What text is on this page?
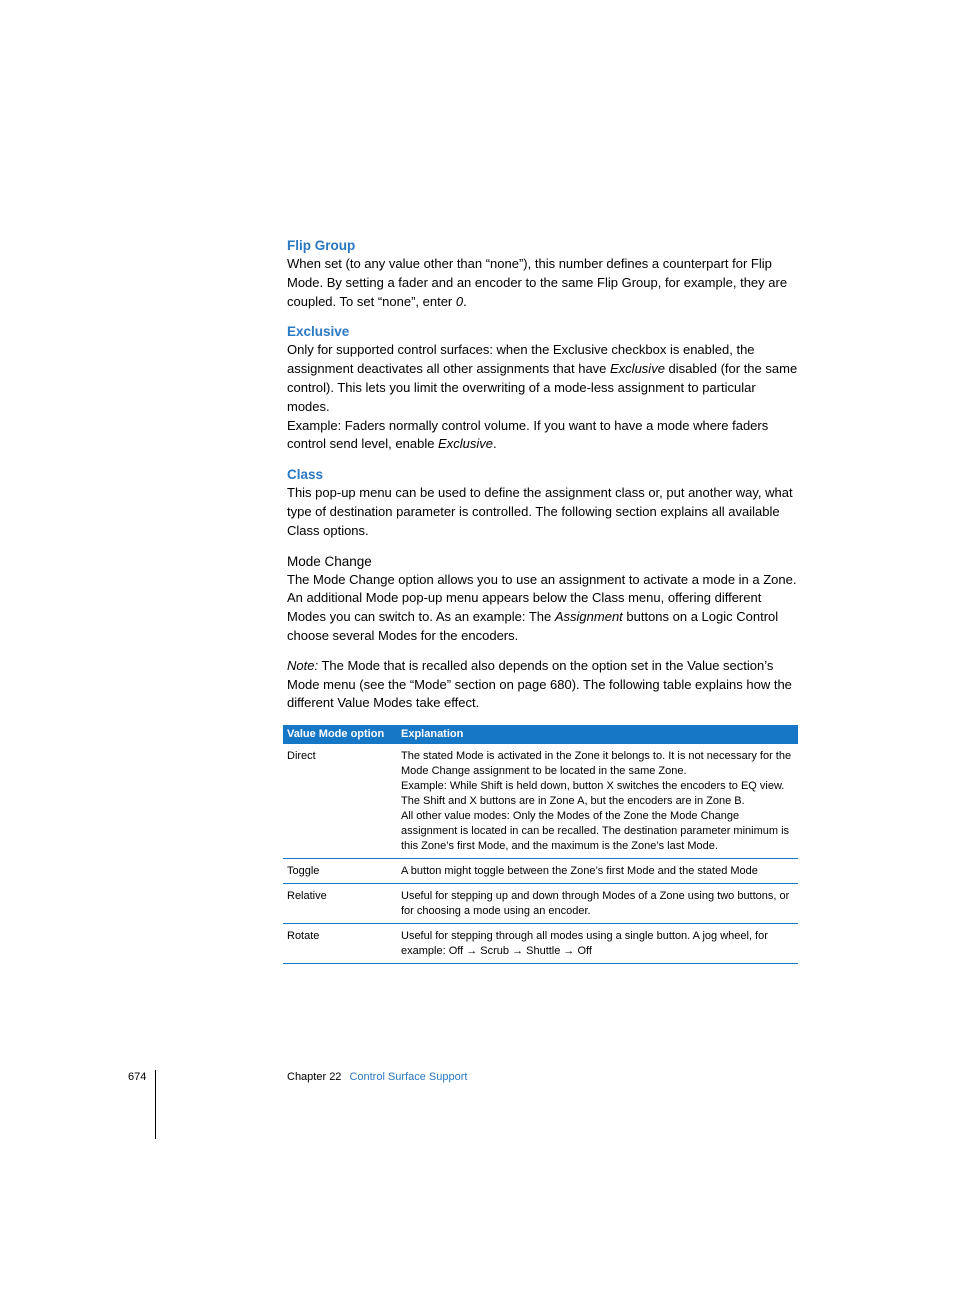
Flip Group

When set (to any value other than “none”), this number defines a counterpart for Flip Mode. By setting a fader and an encoder to the same Flip Group, for example, they are coupled. To set “none”, enter 0.

Exclusive

Only for supported control surfaces: when the Exclusive checkbox is enabled, the assignment deactivates all other assignments that have Exclusive disabled (for the same control). This lets you limit the overwriting of a mode-less assignment to particular modes.

Example: Faders normally control volume. If you want to have a mode where faders control send level, enable Exclusive.

Class

This pop-up menu can be used to define the assignment class or, put another way, what type of destination parameter is controlled. The following section explains all available Class options.

Mode Change

The Mode Change option allows you to use an assignment to activate a mode in a Zone. An additional Mode pop-up menu appears below the Class menu, offering different Modes you can switch to. As an example: The Assignment buttons on a Logic Control choose several Modes for the encoders.

Note: The Mode that is recalled also depends on the option set in the Value section’s Mode menu (see the “Mode” section on page 680). The following table explains how the different Value Modes take effect.

Value Mode option	Explanation
Direct	The stated Mode is activated in the Zone it belongs to. It is not necessary for the Mode Change assignment to be located in the same Zone.
Example: While Shift is held down, button X switches the encoders to EQ view. The Shift and X buttons are in Zone A, but the encoders are in Zone B.
All other value modes: Only the Modes of the Zone the Mode Change assignment is located in can be recalled. The destination parameter minimum is this Zone’s first Mode, and the maximum is the Zone’s last Mode.

Toggle	A button might toggle between the Zone’s first Mode and the stated Mode

Relative	Useful for stepping up and down through Modes of a Zone using two buttons, or for choosing a mode using an encoder.

Rotate	Useful for stepping through all modes using a single button. A jog wheel, for example: Off → Scrub → Shuttle → Off
674	Chapter 22 Control Surface Support
